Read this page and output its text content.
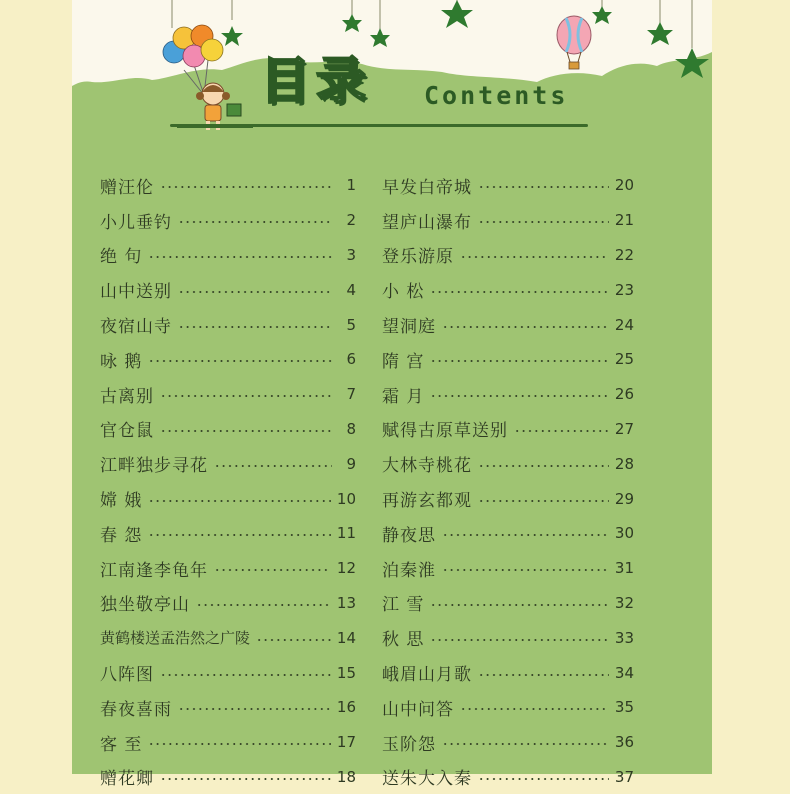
目录 Contents
赠汪伦	1
小儿垂钓	2
绝 句	3
山中送别	4
夜宿山寺	5
咏 鹅	6
古离别	7
官仓鼠	8
江畔独步寻花	9
嫦 娥	10
春 怨	11
江南逢李龟年	12
独坐敬亭山	13
黄鹤楼送孟浩然之广陵	14
八阵图	15
春夜喜雨	16
客 至	17
赠花卿	18
早发白帝城	20
望庐山瀑布	21
登乐游原	22
小 松	23
望洞庭	24
隋 宫	25
霜 月	26
赋得古原草送别	27
大林寺桃花	28
再游玄都观	29
静夜思	30
泊秦淮	31
江 雪	32
秋 思	33
峨眉山月歌	34
山中问答	35
玉阶怨	36
送朱大入秦	37
